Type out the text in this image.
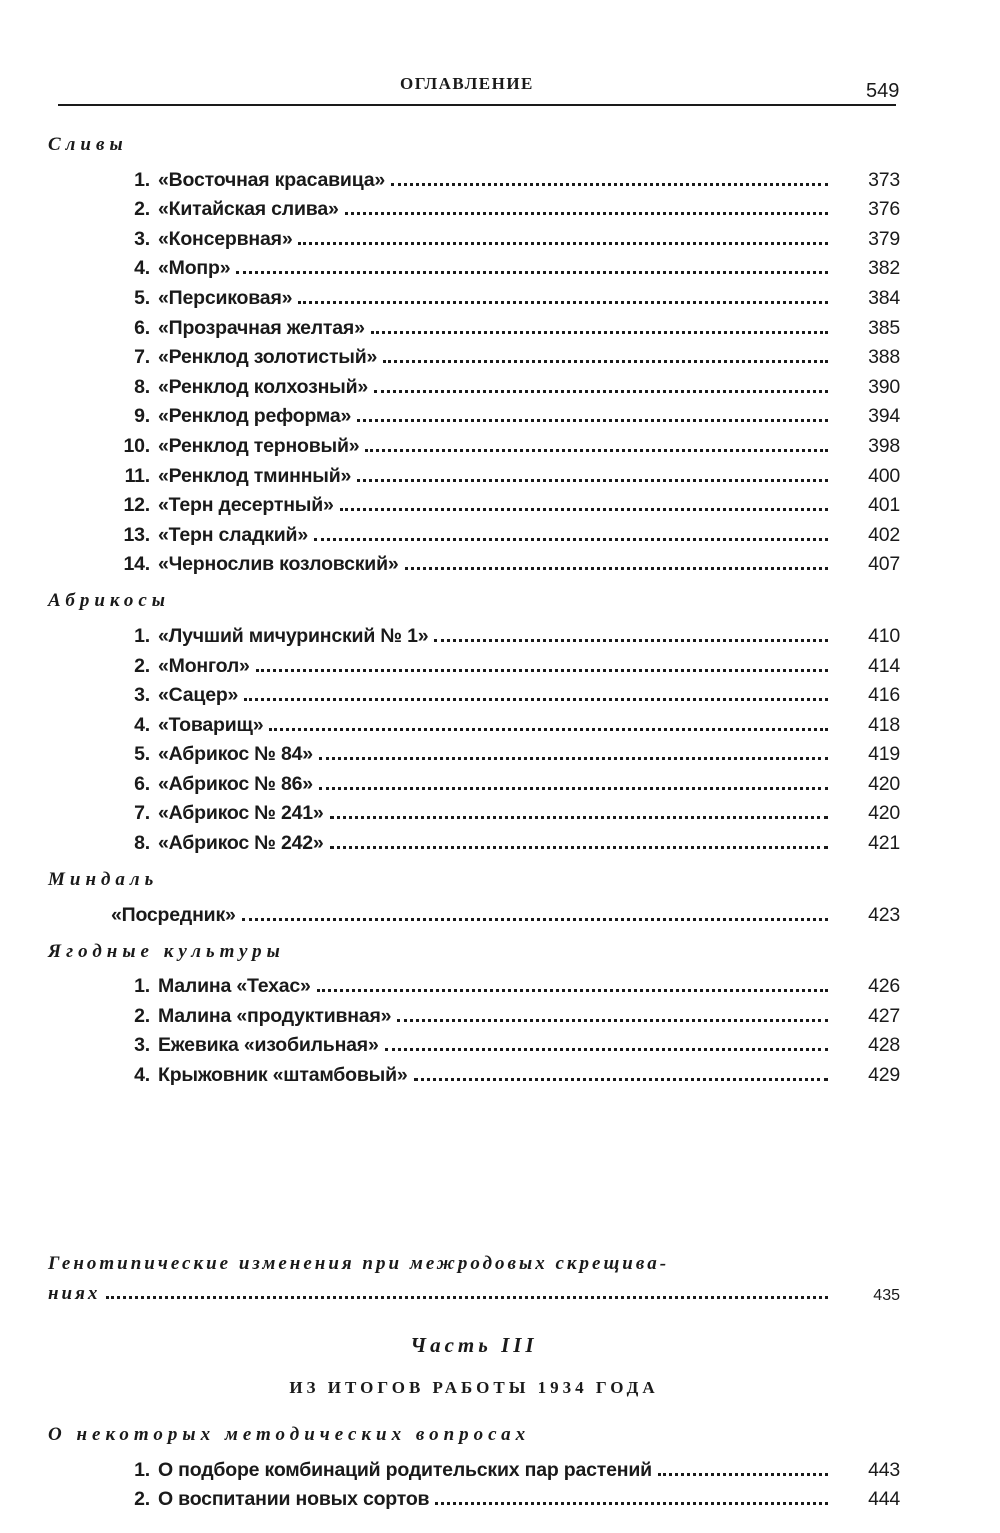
ОГЛАВЛЕНИЕ	549
Сливы
1. «Восточная красавица»	373
2. «Китайская слива»	376
3. «Консервная»	379
4. «Мопр»	382
5. «Персиковая»	384
6. «Прозрачная желтая»	385
7. «Ренклод золотистый»	388
8. «Ренклод колхозный»	390
9. «Ренклод реформа»	394
10. «Ренклод терновый»	398
11. «Ренклод тминный»	400
12. «Терн десертный»	401
13. «Терн сладкий»	402
14. «Чернослив козловский»	407
Абрикосы
1. «Лучший мичуринский № 1»	410
2. «Монгол»	414
3. «Сацер»	416
4. «Товарищ»	418
5. «Абрикос № 84»	419
6. «Абрикос № 86»	420
7. «Абрикос № 241»	420
8. «Абрикос № 242»	421
Миндаль
«Посредник»	423
Ягодные культуры
1. Малина «Техас»	426
2. Малина «продуктивная»	427
3. Ежевика «изобильная»	428
4. Крыжовник «штамбовый»	429
Генотипические изменения при межродовых скрещива-
ниях	435
Часть III
ИЗ ИТОГОВ РАБОТЫ 1934 ГОДА
О некоторых методических вопросах
1. О подборе комбинаций родительских пар растений	443
2. О воспитании новых сортов	444
